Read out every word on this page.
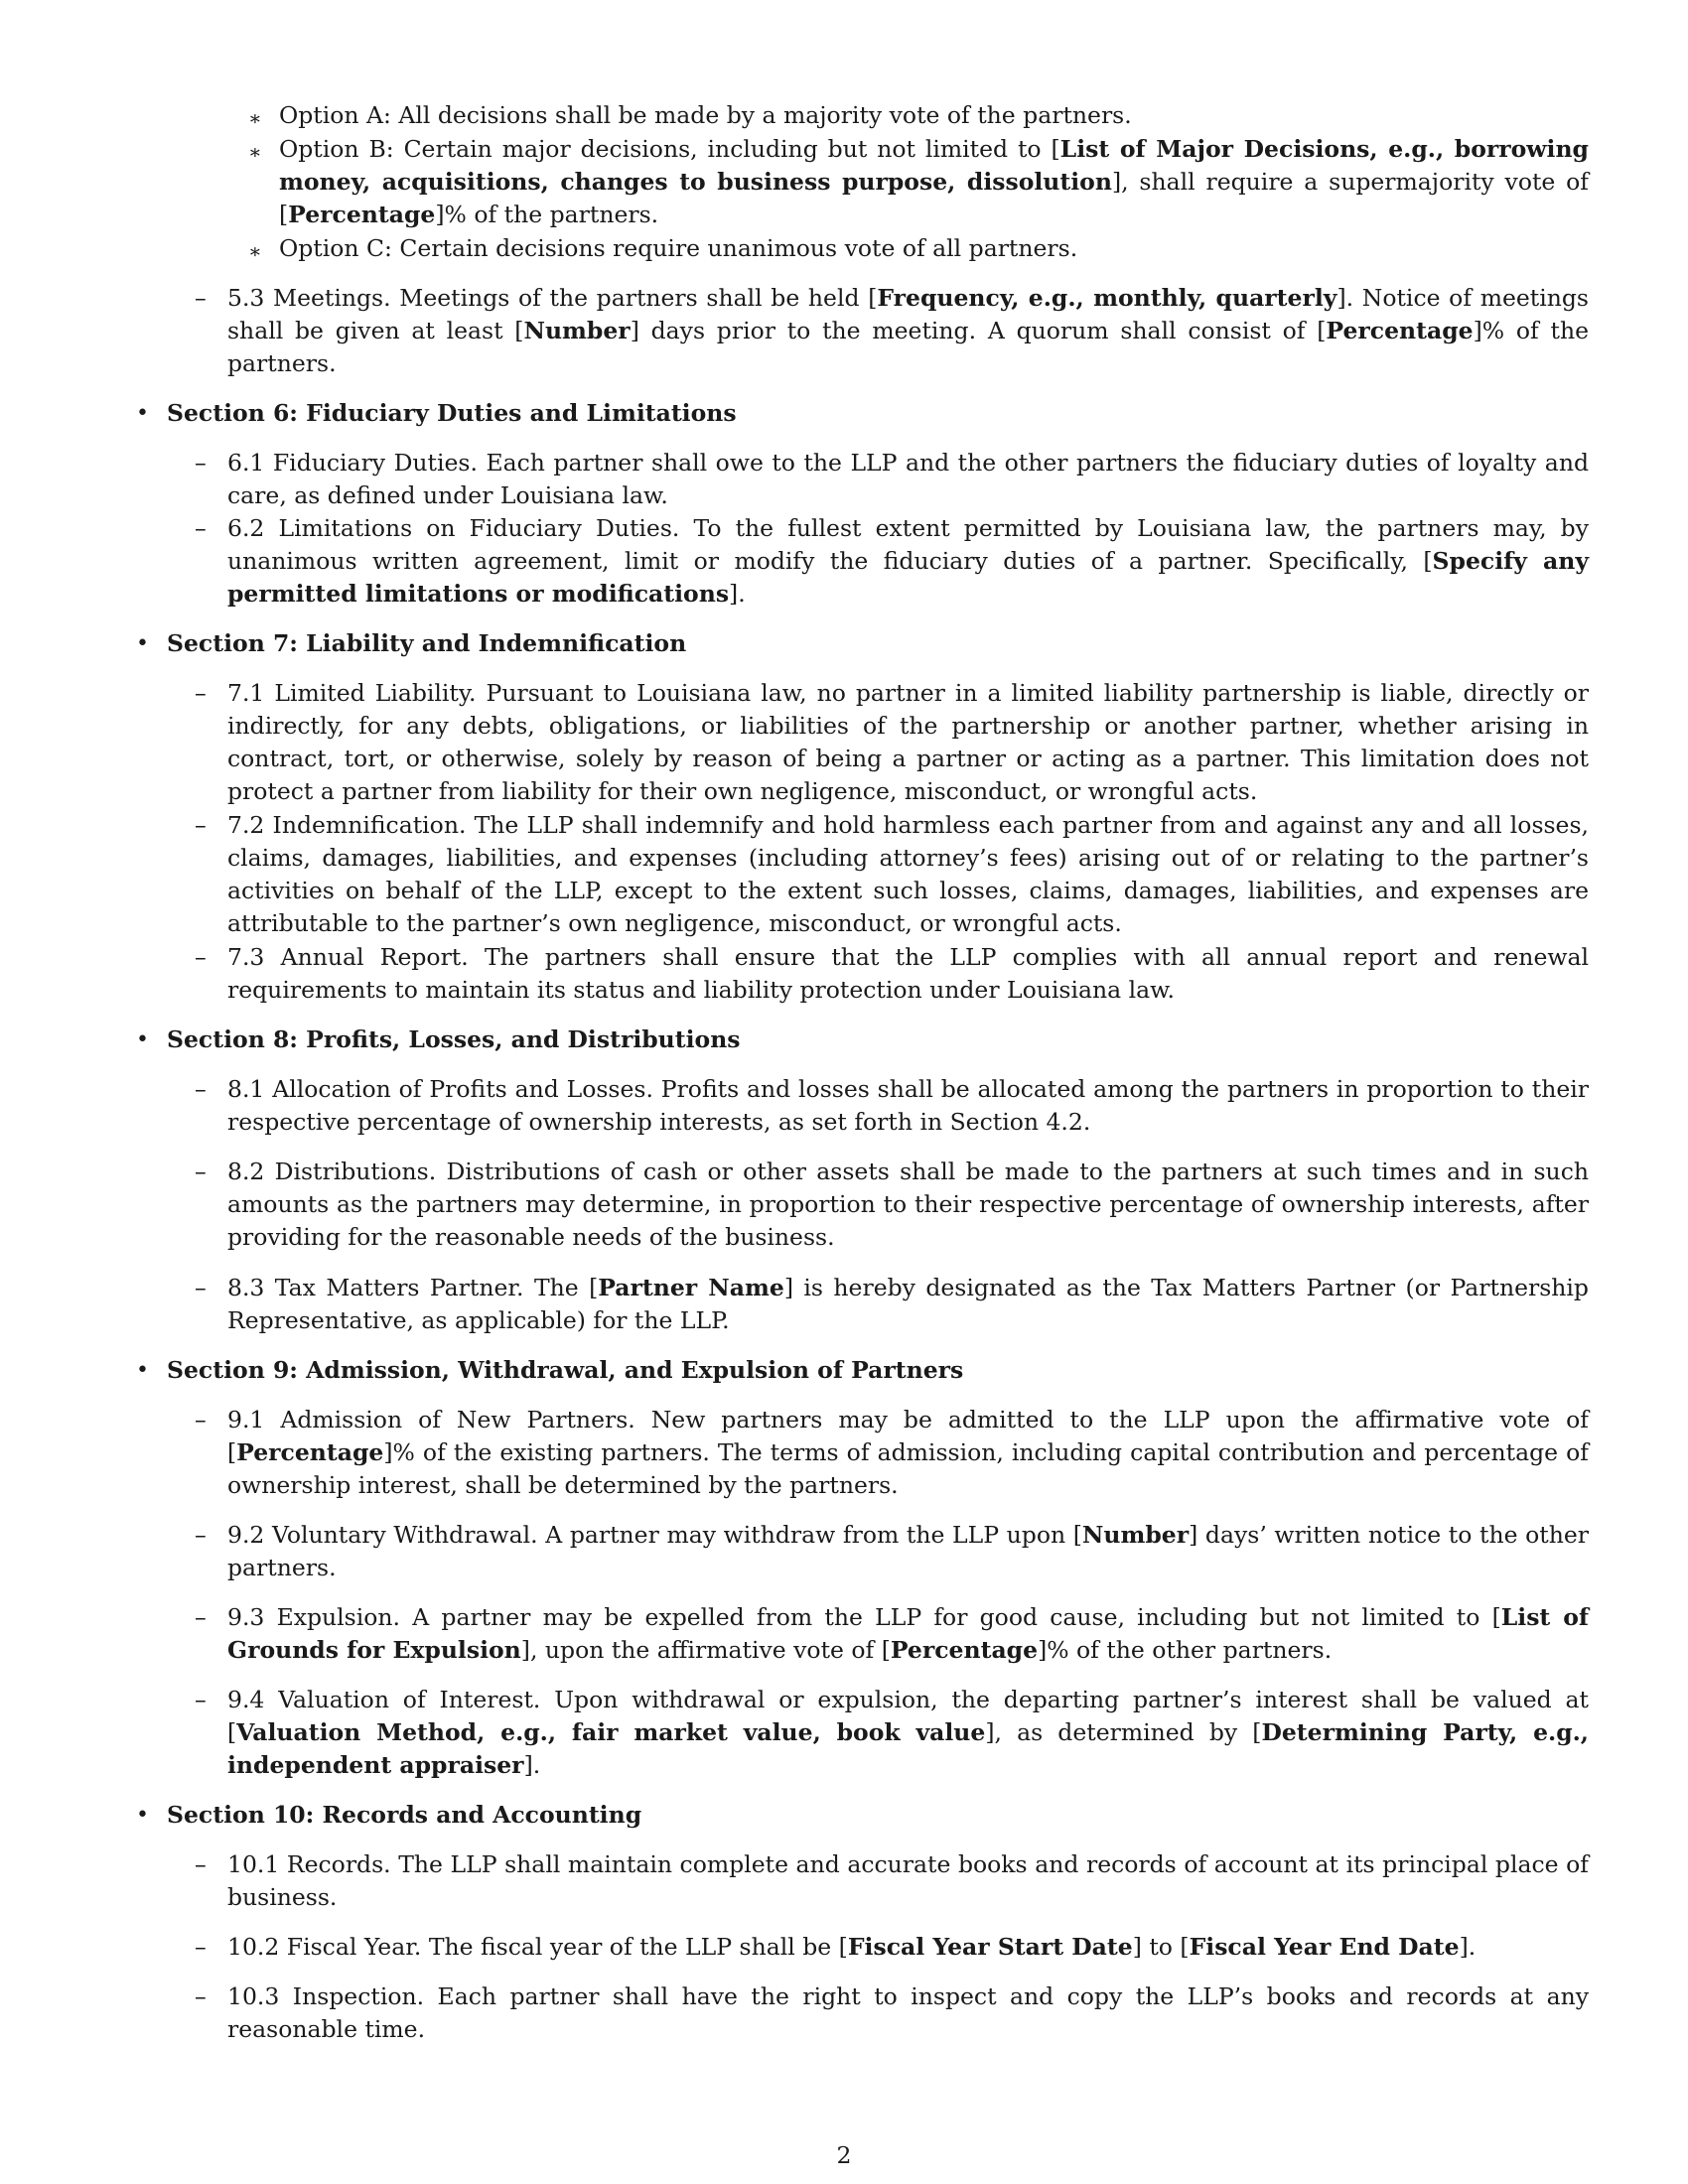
∗ Option A: All decisions shall be made by a majority vote of the partners.
∗ Option B: Certain major decisions, including but not limited to [List of Major Decisions, e.g., borrowing money, acquisitions, changes to business purpose, dissolution], shall require a supermajority vote of [Percentage]% of the partners.
∗ Option C: Certain decisions require unanimous vote of all partners.
– 5.3 Meetings. Meetings of the partners shall be held [Frequency, e.g., monthly, quarterly]. Notice of meetings shall be given at least [Number] days prior to the meeting. A quorum shall consist of [Percentage]% of the partners.
• Section 6: Fiduciary Duties and Limitations
– 6.1 Fiduciary Duties. Each partner shall owe to the LLP and the other partners the fiduciary duties of loyalty and care, as defined under Louisiana law.
– 6.2 Limitations on Fiduciary Duties. To the fullest extent permitted by Louisiana law, the partners may, by unanimous written agreement, limit or modify the fiduciary duties of a partner. Specifically, [Specify any permitted limitations or modifications].
• Section 7: Liability and Indemnification
– 7.1 Limited Liability. Pursuant to Louisiana law, no partner in a limited liability partnership is liable, directly or indirectly, for any debts, obligations, or liabilities of the partnership or another partner, whether arising in contract, tort, or otherwise, solely by reason of being a partner or acting as a partner. This limitation does not protect a partner from liability for their own negligence, misconduct, or wrongful acts.
– 7.2 Indemnification. The LLP shall indemnify and hold harmless each partner from and against any and all losses, claims, damages, liabilities, and expenses (including attorney’s fees) arising out of or relating to the partner’s activities on behalf of the LLP, except to the extent such losses, claims, damages, liabilities, and expenses are attributable to the partner’s own negligence, misconduct, or wrongful acts.
– 7.3 Annual Report. The partners shall ensure that the LLP complies with all annual report and renewal requirements to maintain its status and liability protection under Louisiana law.
• Section 8: Profits, Losses, and Distributions
– 8.1 Allocation of Profits and Losses. Profits and losses shall be allocated among the partners in proportion to their respective percentage of ownership interests, as set forth in Section 4.2.
– 8.2 Distributions. Distributions of cash or other assets shall be made to the partners at such times and in such amounts as the partners may determine, in proportion to their respective percentage of ownership interests, after providing for the reasonable needs of the business.
– 8.3 Tax Matters Partner. The [Partner Name] is hereby designated as the Tax Matters Partner (or Partnership Representative, as applicable) for the LLP.
• Section 9: Admission, Withdrawal, and Expulsion of Partners
– 9.1 Admission of New Partners. New partners may be admitted to the LLP upon the affirmative vote of [Percentage]% of the existing partners. The terms of admission, including capital contribution and percentage of ownership interest, shall be determined by the partners.
– 9.2 Voluntary Withdrawal. A partner may withdraw from the LLP upon [Number] days’ written notice to the other partners.
– 9.3 Expulsion. A partner may be expelled from the LLP for good cause, including but not limited to [List of Grounds for Expulsion], upon the affirmative vote of [Percentage]% of the other partners.
– 9.4 Valuation of Interest. Upon withdrawal or expulsion, the departing partner’s interest shall be valued at [Valuation Method, e.g., fair market value, book value], as determined by [Determining Party, e.g., independent appraiser].
• Section 10: Records and Accounting
– 10.1 Records. The LLP shall maintain complete and accurate books and records of account at its principal place of business.
– 10.2 Fiscal Year. The fiscal year of the LLP shall be [Fiscal Year Start Date] to [Fiscal Year End Date].
– 10.3 Inspection. Each partner shall have the right to inspect and copy the LLP’s books and records at any reasonable time.
2
